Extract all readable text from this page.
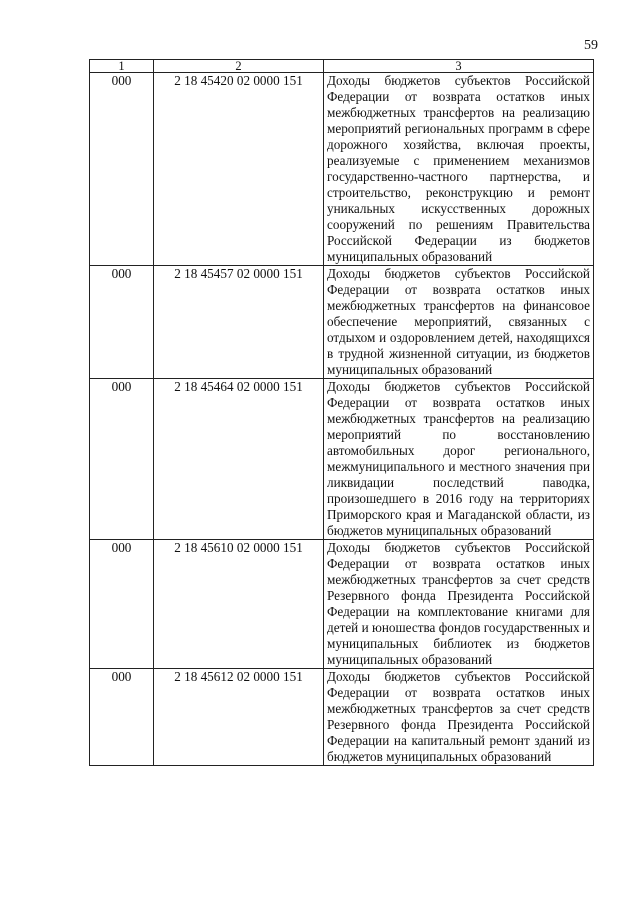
59
1	2	3
000	2 18 45420 02 0000 151	Доходы бюджетов субъектов Российской Федерации от возврата остатков иных межбюджетных трансфертов на реализацию мероприятий региональных программ в сфере дорожного хозяйства, включая проекты, реализуемые с применением механизмов государственно-частного партнерства, и строительство, реконструкцию и ремонт уникальных искусственных дорожных сооружений по решениям Правительства Российской Федерации из бюджетов муниципальных образований
000	2 18 45457 02 0000 151	Доходы бюджетов субъектов Российской Федерации от возврата остатков иных межбюджетных трансфертов на финансовое обеспечение мероприятий, связанных с отдыхом и оздоровлением детей, находящихся в трудной жизненной ситуации, из бюджетов муниципальных образований
000	2 18 45464 02 0000 151	Доходы бюджетов субъектов Российской Федерации от возврата остатков иных межбюджетных трансфертов на реализацию мероприятий по восстановлению автомобильных дорог регионального, межмуниципального и местного значения при ликвидации последствий паводка, произошедшего в 2016 году на территориях Приморского края и Магаданской области, из бюджетов муниципальных образований
000	2 18 45610 02 0000 151	Доходы бюджетов субъектов Российской Федерации от возврата остатков иных межбюджетных трансфертов за счет средств Резервного фонда Президента Российской Федерации на комплектование книгами для детей и юношества фондов государственных и муниципальных библиотек из бюджетов муниципальных образований
000	2 18 45612 02 0000 151	Доходы бюджетов субъектов Российской Федерации от возврата остатков иных межбюджетных трансфертов за счет средств Резервного фонда Президента Российской Федерации на капитальный ремонт зданий из бюджетов муниципальных образований
